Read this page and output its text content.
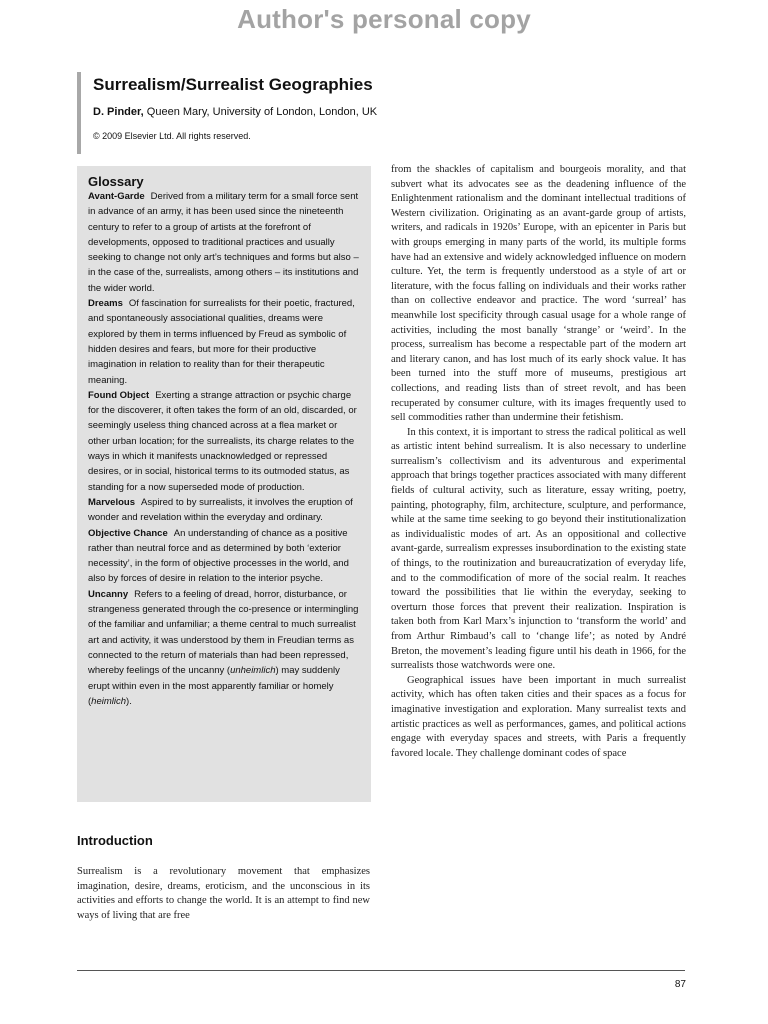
Author's personal copy
Surrealism/Surrealist Geographies

D. Pinder, Queen Mary, University of London, London, UK

© 2009 Elsevier Ltd. All rights reserved.

Glossary

Avant-Garde Derived from a military term for a small force sent in advance of an army, it has been used since the nineteenth century to refer to a group of artists at the forefront of developments, opposed to traditional practices and usually seeking to change not only art’s techniques and forms but also – in the case of the, surrealists, among others – its institutions and the wider world.

Dreams Of fascination for surrealists for their poetic, fractured, and spontaneously associational qualities, dreams were explored by them in terms influenced by Freud as symbolic of hidden desires and fears, but more for their productive imagination in relation to reality than for their therapeutic meaning.

Found Object Exerting a strange attraction or psychic charge for the discoverer, it often takes the form of an old, discarded, or seemingly useless thing chanced across at a flea market or other urban location; for the surrealists, its charge relates to the ways in which it manifests unacknowledged or repressed desires, or in social, historical terms to its outmoded status, as standing for a now superseded mode of production.

Marvelous Aspired to by surrealists, it involves the eruption of wonder and revelation within the everyday and ordinary.

Objective Chance An understanding of chance as a positive rather than neutral force and as determined by both ‘exterior necessity’, in the form of objective processes in the world, and also by forces of desire in relation to the interior psyche.

Uncanny Refers to a feeling of dread, horror, disturbance, or strangeness generated through the co-presence or intermingling of the familiar and unfamiliar; a theme central to much surrealist art and activity, it was understood by them in Freudian terms as connected to the return of materials than had been repressed, whereby feelings of the uncanny (unheimlich) may suddenly erupt within even in the most apparently familiar or homely (heimlich).

Introduction

Surrealism is a revolutionary movement that emphasizes imagination, desire, dreams, eroticism, and the unconscious in its activities and efforts to change the world. It is an attempt to find new ways of living that are free

from the shackles of capitalism and bourgeois morality, and that subvert what its advocates see as the deadening influence of the Enlightenment rationalism and the dominant intellectual traditions of Western civilization. Originating as an avant-garde group of artists, writers, and radicals in 1920s’ Europe, with an epicenter in Paris but with groups emerging in many parts of the world, its multiple forms have had an extensive and widely acknowledged influence on modern culture. Yet, the term is frequently understood as a style of art or literature, with the focus falling on individuals and their works rather than on collective endeavor and practice. The word ‘surreal’ has meanwhile lost specificity through casual usage for a whole range of activities, including the most banally ‘strange’ or ‘weird’. In the process, surrealism has become a respectable part of the modern art and literary canon, and has lost much of its early shock value. It has been turned into the stuff more of museums, prestigious art collections, and reading lists than of street revolt, and has been recuperated by consumer culture, with its images frequently used to sell commodities rather than undermine their fetishism.

In this context, it is important to stress the radical political as well as artistic intent behind surrealism. It is also necessary to underline surrealism’s collectivism and its adventurous and experimental approach that brings together practices associated with many different fields of cultural activity, such as literature, essay writing, poetry, painting, photography, film, architecture, sculpture, and performance, while at the same time seeking to go beyond their institutionalization as individualistic modes of art. As an oppositional and collective avant-garde, surrealism expresses insubordination to the existing state of things, to the routinization and bureaucratization of everyday life, and to the commodification of more of the social realm. It reaches toward the possibilities that lie within the everyday, seeking to overturn those forces that prevent their realization. Inspiration is taken both from Karl Marx’s injunction to ‘transform the world’ and from Arthur Rimbaud’s call to ‘change life’; as noted by André Breton, the movement’s leading figure until his death in 1966, for the surrealists those watchwords were one.

Geographical issues have been important in much surrealist activity, which has often taken cities and their spaces as a focus for imaginative investigation and exploration. Many surrealist texts and artistic practices as well as performances, games, and political actions engage with everyday spaces and streets, with Paris a frequently favored locale. They challenge dominant codes of space

87
